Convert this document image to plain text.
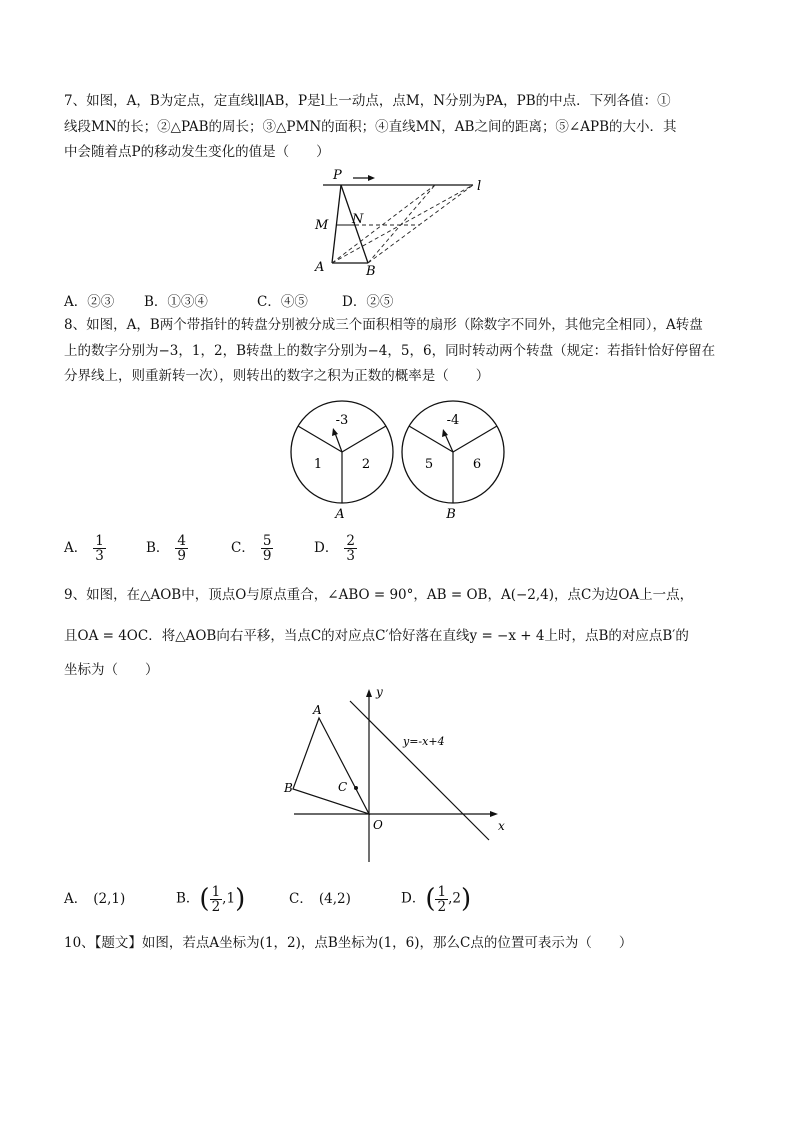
7、如图，A，B为定点，定直线l∥AB，P是l上一动点，点M，N分别为PA，PB的中点．下列各值：①
线段MN的长；②△PAB的周长；③△PMN的面积；④直线MN，AB之间的距离；⑤∠APB的大小．其
中会随着点P的移动发生变化的值是（　　）
P
l
M N
A	B
A．②③ B．①③④	C．④⑤	D．②⑤
8、如图，A，B两个带指针的转盘分别被分成三个面积相等的扇形（除数字不同外，其他完全相同），A转盘
上的数字分别为−3，1，2，B转盘上的数字分别为−4，5，6，同时转动两个转盘（规定：若指针恰好停留在
分界线上，则重新转一次），则转出的数字之积为正数的概率是（　　）
-3
1	2
A
-4
5	6
B
A． $\frac{1}{3}$	B． $\frac{4}{9}$	C． $\frac{5}{9}$	D． $\frac{2}{3}$
9、如图，在△AOB中，顶点O与原点重合，∠ABO = 90°，AB = OB，A(−2,4)，点C为边OA上一点，
且OA = 4OC．将△AOB向右平移，当点C的对应点C′恰好落在直线y = −x + 4上时，点B的对应点B′的
坐标为（　　）
A
B	C
O	x
y
y=-x+4
A． (2,1)	B．( $\frac{1}{2} ,1$)	C． (4,2)	D．( $\frac{1}{2} ,2$)
10、【题文】如图，若点A坐标为(1，2)，点B坐标为(1，6)，那么C点的位置可表示为（　　）
